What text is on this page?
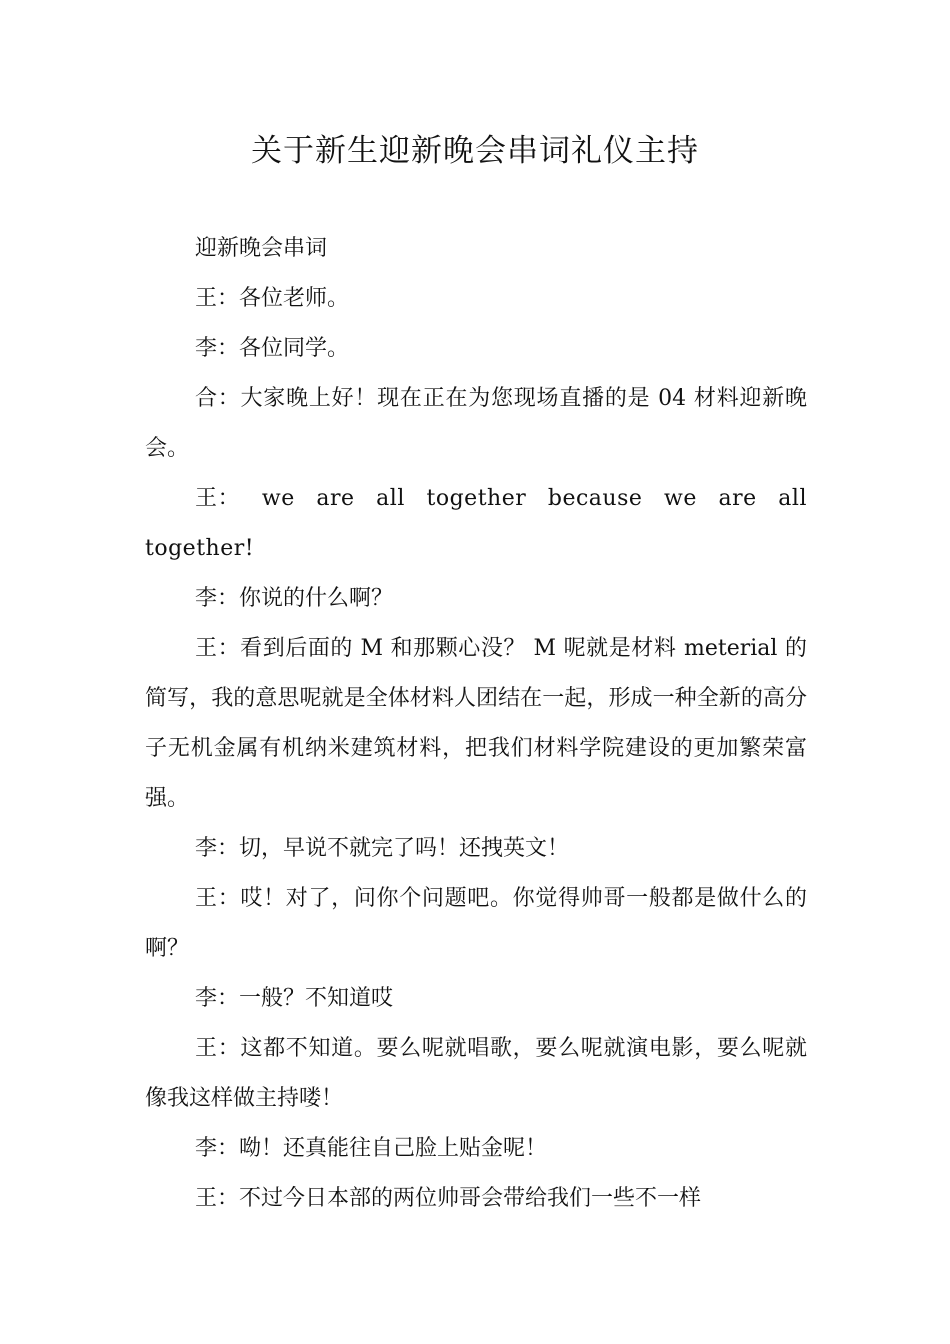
关于新生迎新晚会串词礼仪主持

迎新晚会串词

王：各位老师。

李：各位同学。

合：大家晚上好！现在正在为您现场直播的是 04 材料迎新晚会。

王： we are all together because we are all together!

李：你说的什么啊？

王：看到后面的 M 和那颗心没？ M 呢就是材料 meterial 的简写，我的意思呢就是全体材料人团结在一起，形成一种全新的高分子无机金属有机纳米建筑材料，把我们材料学院建设的更加繁荣富强。

李：切，早说不就完了吗！还拽英文！

王：哎！对了，问你个问题吧。你觉得帅哥一般都是做什么的啊？

李：一般？不知道哎

王：这都不知道。要么呢就唱歌，要么呢就演电影，要么呢就像我这样做主持喽！

李：呦！还真能往自己脸上贴金呢！

王：不过今日本部的两位帅哥会带给我们一些不一样
